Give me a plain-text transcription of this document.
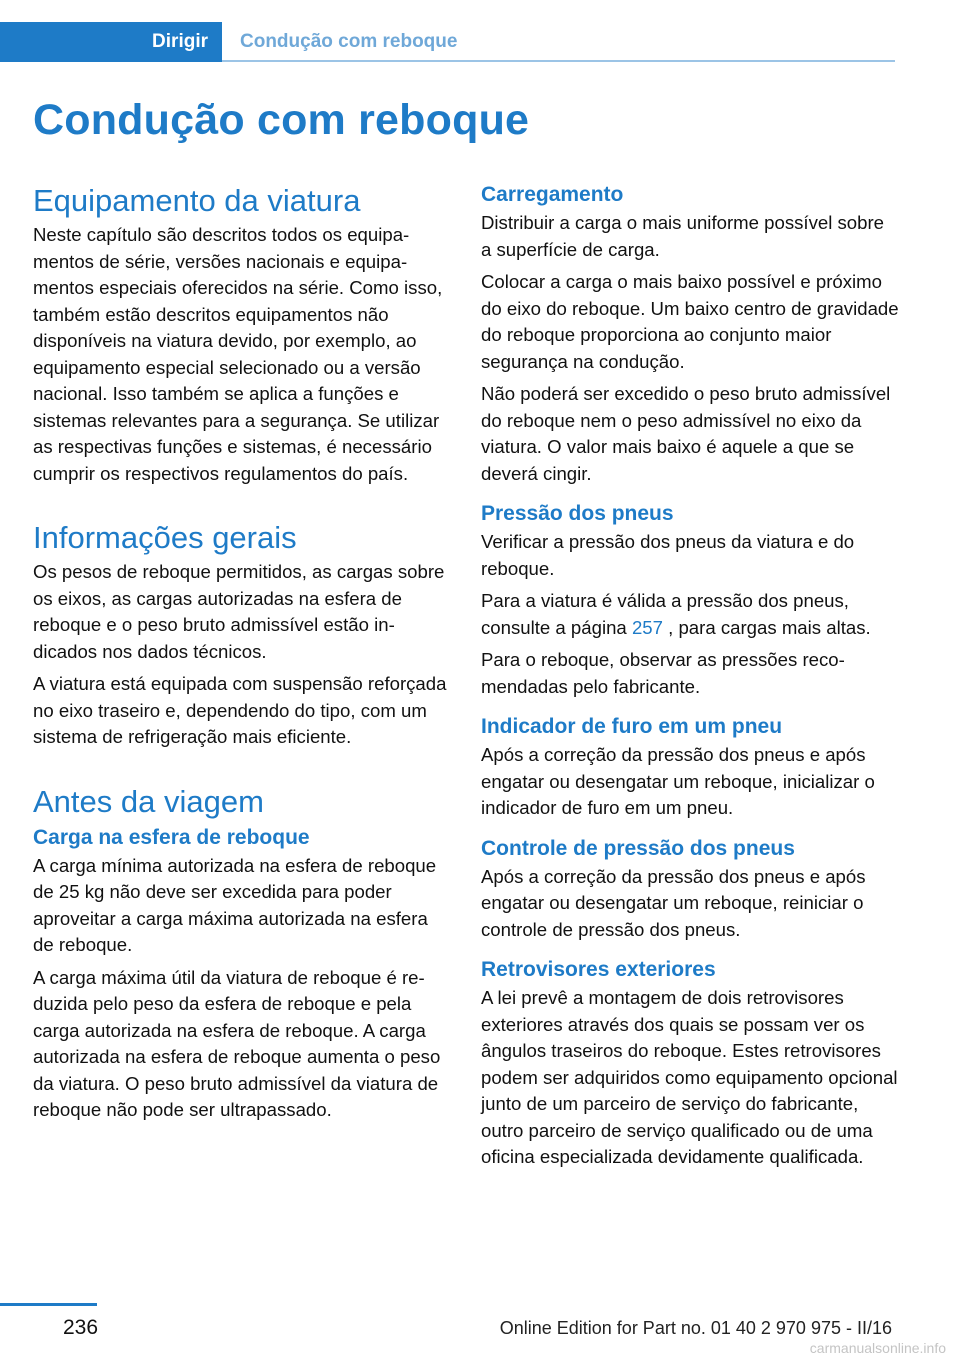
Dirigir	Condução com reboque
Condução com reboque
Equipamento da viatura

Neste capítulo são descritos todos os equipamentos de série, versões nacionais e equipamentos especiais oferecidos na série. Como isso, também estão descritos equipamentos não disponíveis na viatura devido, por exemplo, ao equipamento especial selecionado ou a versão nacional. Isso também se aplica a funções e sistemas relevantes para a segurança. Se utilizar as respectivas funções e sistemas, é necessário cumprir os respectivos regulamentos do país.

Informações gerais

Os pesos de reboque permitidos, as cargas sobre os eixos, as cargas autorizadas na esfera de reboque e o peso bruto admissível estão indicados nos dados técnicos.

A viatura está equipada com suspensão reforçada no eixo traseiro e, dependendo do tipo, com um sistema de refrigeração mais eficiente.

Antes da viagem
Carga na esfera de reboque

A carga mínima autorizada na esfera de reboque de 25 kg não deve ser excedida para poder aproveitar a carga máxima autorizada na esfera de reboque.

A carga máxima útil da viatura de reboque é reduzida pelo peso da esfera de reboque e pela carga autorizada na esfera de reboque. A carga autorizada na esfera de reboque aumenta o peso da viatura. O peso bruto admissível da viatura de reboque não pode ser ultrapassado.

Carregamento

Distribuir a carga o mais uniforme possível sobre a superfície de carga.

Colocar a carga o mais baixo possível e próximo do eixo do reboque. Um baixo centro de gravidade do reboque proporciona ao conjunto maior segurança na condução.

Não poderá ser excedido o peso bruto admissível do reboque nem o peso admissível no eixo da viatura. O valor mais baixo é aquele a que se deverá cingir.

Pressão dos pneus

Verificar a pressão dos pneus da viatura e do reboque.

Para a viatura é válida a pressão dos pneus, consulte a página 257 , para cargas mais altas.

Para o reboque, observar as pressões recomendadas pelo fabricante.

Indicador de furo em um pneu

Após a correção da pressão dos pneus e após engatar ou desengatar um reboque, inicializar o indicador de furo em um pneu.

Controle de pressão dos pneus

Após a correção da pressão dos pneus e após engatar ou desengatar um reboque, reiniciar o controle de pressão dos pneus.

Retrovisores exteriores

A lei prevê a montagem de dois retrovisores exteriores através dos quais se possam ver os ângulos traseiros do reboque. Estes retrovisores podem ser adquiridos como equipamento opcional junto de um parceiro de serviço do fabricante, outro parceiro de serviço qualificado ou de uma oficina especializada devidamente qualificada.

236	Online Edition for Part no. 01 40 2 970 975 - II/16
carmanualsonline.info
